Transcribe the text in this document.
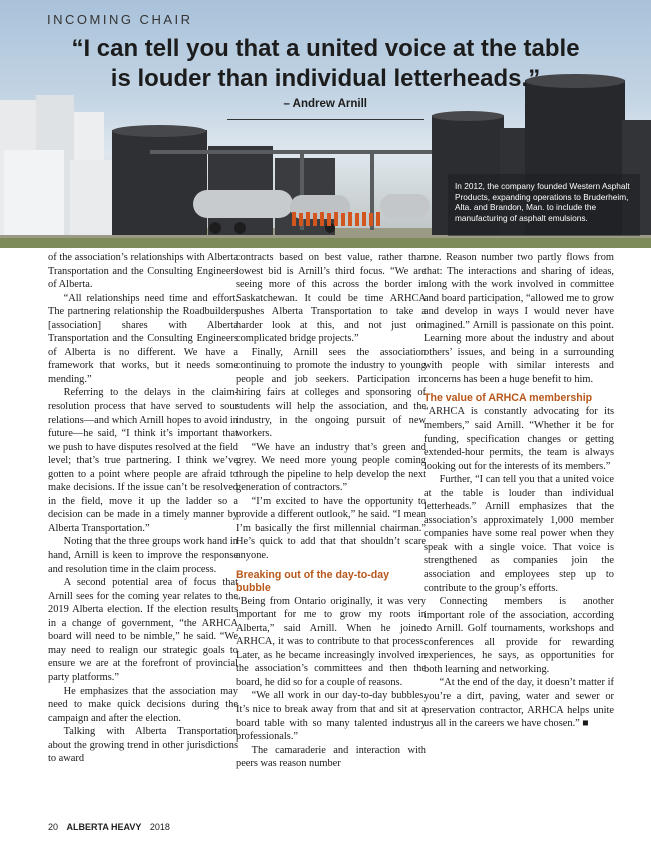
INCOMING CHAIR
“I can tell you that a united voice at the table
is louder than individual letterheads.”
– Andrew Arnill
In 2012, the company founded Western Asphalt Products, expanding operations to Bruderheim, Alta. and Brandon, Man. to include the manufacturing of asphalt emulsions.

of the association’s relationships with Alberta Transportation and the Consulting Engineers of Alberta.

“All relationships need time and effort. The partnering relationship the Roadbuilders [association] shares with Alberta Transportation and the Consulting Engineers of Alberta is no different. We have a framework that works, but it needs some mending.”

Referring to the delays in the claim-resolution process that have served to sour relations—and which Arnill hopes to avoid in future—he said, “I think it’s important that we push to have disputes resolved at the field level; that’s true partnering. I think we’ve gotten to a point where people are afraid to make decisions. If the issue can’t be resolved in the field, move it up the ladder so a decision can be made in a timely manner by Alberta Transportation.”

Noting that the three groups work hand in hand, Arnill is keen to improve the response and resolution time in the claim process.

A second potential area of focus that Arnill sees for the coming year relates to the 2019 Alberta election. If the election results in a change of government, “the ARHCA board will need to be nimble,” he said. “We may need to realign our strategic goals to ensure we are at the forefront of provincial party platforms.”

He emphasizes that the association may need to make quick decisions during the campaign and after the election.

Talking with Alberta Transportation about the growing trend in other jurisdictions to award

contracts based on best value, rather than lowest bid is Arnill’s third focus. “We are seeing more of this across the border in Saskatchewan. It could be time ARHCA pushes Alberta Transportation to take a harder look at this, and not just on complicated bridge projects.”

Finally, Arnill sees the association continuing to promote the industry to young people and job seekers. Participation in hiring fairs at colleges and sponsoring of students will help the association, and the industry, in the ongoing pursuit of new workers.

“We have an industry that’s green and grey. We need more young people coming through the pipeline to help develop the next generation of contractors.”

“I’m excited to have the opportunity to provide a different outlook,” he said. “I mean I’m basically the first millennial chairman.” He’s quick to add that that shouldn’t scare anyone.

Breaking out of the day-to-day bubble

“Being from Ontario originally, it was very important for me to grow my roots in Alberta,” said Arnill. When he joined ARHCA, it was to contribute to that process. Later, as he became increasingly involved in the association’s committees and then the board, he did so for a couple of reasons.

“We all work in our day-to-day bubbles. It’s nice to break away from that and sit at a board table with so many talented industry professionals.”

The camaraderie and interaction with peers was reason number

one. Reason number two partly flows from that: The interactions and sharing of ideas, along with the work involved in committee and board participation, “allowed me to grow and develop in ways I would never have imagined.” Arnill is passionate on this point. Learning more about the industry and about others’ issues, and being in a surrounding with people with similar interests and concerns has been a huge benefit to him.

The value of ARHCA membership

“ARHCA is constantly advocating for its members,” said Arnill. “Whether it be for funding, specification changes or getting extended-hour permits, the team is always looking out for the interests of its members.”

Further, “I can tell you that a united voice at the table is louder than individual letterheads.” Arnill emphasizes that the association’s approximately 1,000 member companies have some real power when they speak with a single voice. That voice is strengthened as companies join the association and employees step up to contribute to the group’s efforts.

Connecting members is another important role of the association, according to Arnill. Golf tournaments, workshops and conferences all provide for rewarding experiences, he says, as opportunities for both learning and networking.

“At the end of the day, it doesn’t matter if you’re a dirt, paving, water and sewer or preservation contractor, ARHCA helps unite us all in the careers we have chosen.” ■

20 ALBERTA HEAVY 2018
